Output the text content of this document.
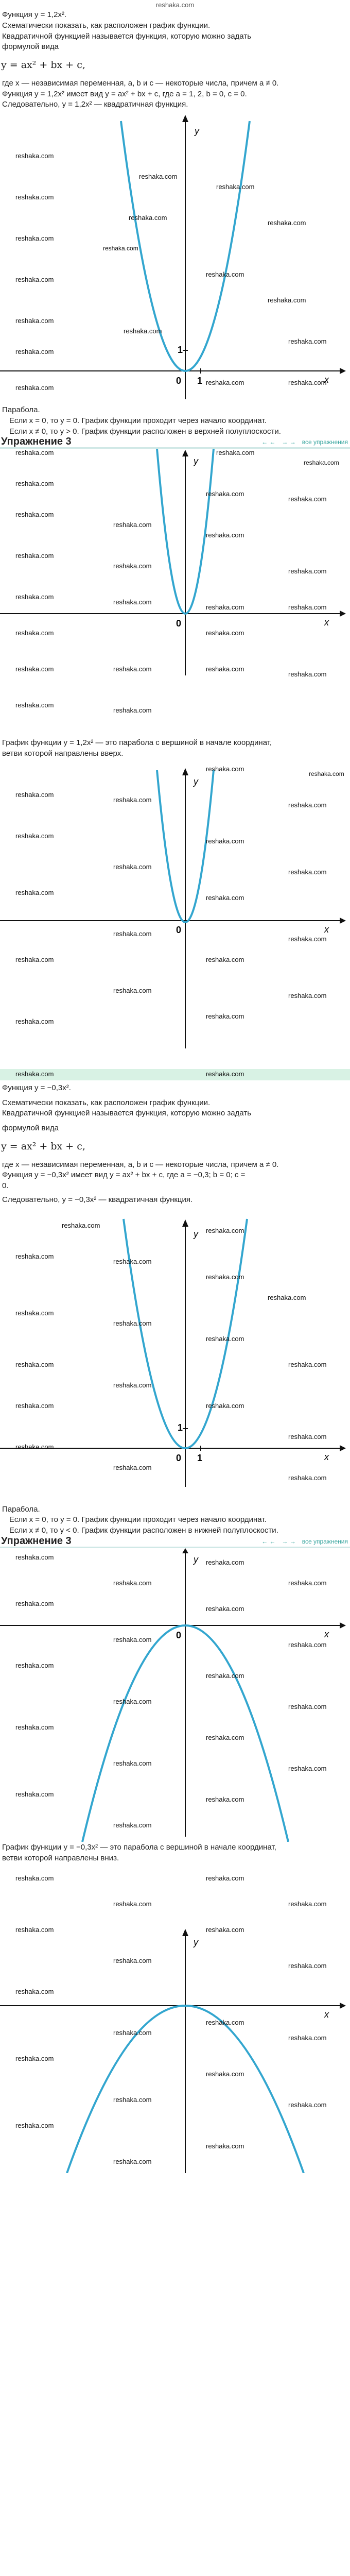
reshaka.com
Функция y = 1,2x².
Схематически показать, как расположен график функции.
Квадратичной функцией называется функция, которую можно задать
формулой вида
y = ax² + bx + c,
где x — независимая переменная, a, b и c — некоторые числа, причем a ≠ 0.
Функция y = 1,2x² имеет вид y = ax² + bx + c, где a = 1, 2, b = 0, c = 0.
Следовательно, y = 1,2x² — квадратичная функция.
y
x
0 1
1
reshaka.com
reshaka.com
reshaka.com
reshaka.com
reshaka.com
reshaka.com
reshaka.com
reshaka.com
reshaka.com
reshaka.com
reshaka.com
reshaka.com
reshaka.com
reshaka.com
reshaka.com
reshaka.com
reshaka.com
reshaka.com
Парабола.
Если x = 0, то y = 0. График функции проходит через начало координат.
Если x ≠ 0, то y > 0. График функции расположен в верхней полуплоскости.
Упражнение 3	← ← → → все упражнения
y
x
0
reshaka.com	reshaka.com
reshaka.com
reshaka.com
reshaka.com
reshaka.com
reshaka.com
reshaka.com
reshaka.com
reshaka.com
reshaka.com
reshaka.com
reshaka.com
reshaka.com
reshaka.com	reshaka.com
reshaka.com	reshaka.com
reshaka.com	reshaka.com	reshaka.com
reshaka.com
reshaka.com
reshaka.com
График функции y = 1,2x² — это парабола с вершиной в начале координат,
ветви которой направлены вверх.
y
x
0
reshaka.com
reshaka.com
reshaka.com
reshaka.com
reshaka.com
reshaka.com
reshaka.com
reshaka.com
reshaka.com
reshaka.com
reshaka.com
reshaka.com
reshaka.com
reshaka.com	reshaka.com
reshaka.com
reshaka.com
reshaka.com
reshaka.com
reshaka.com	reshaka.com
Функция y = −0,3x².
Схематически показать, как расположен график функции.
Квадратичной функцией называется функция, которую можно задать
формулой вида
y = ax² + bx + c,
где x — независимая переменная, a, b и c — некоторые числа, причем a ≠ 0.
Функция y = −0,3x² имеет вид y = ax² + bx + c, где a = −0,3; b = 0; c =
0.
Следовательно, y = −0,3x² — квадратичная функция.
y
x
0 1
1
reshaka.com
reshaka.com
reshaka.com
reshaka.com
reshaka.com
reshaka.com
reshaka.com
reshaka.com
reshaka.com
reshaka.com	reshaka.com
reshaka.com
reshaka.com	reshaka.com
reshaka.com
reshaka.com
reshaka.com
reshaka.com
Парабола.
Если x = 0, то y = 0. График функции проходит через начало координат.
Если x ≠ 0, то y < 0. График функции расположен в нижней полуплоскости.
Упражнение 3	← ← → → все упражнения
y
x
0
reshaka.com
reshaka.com
reshaka.com	reshaka.com
reshaka.com
reshaka.com
reshaka.com
reshaka.com
reshaka.com
reshaka.com
reshaka.com
reshaka.com
reshaka.com
reshaka.com
reshaka.com
reshaka.com
reshaka.com
reshaka.com
reshaka.com
График функции y = −0,3x² — это парабола с вершиной в начале координат,
ветви которой направлены вниз.
y
x
reshaka.com	reshaka.com
reshaka.com	reshaka.com
reshaka.com	reshaka.com
reshaka.com
reshaka.com
reshaka.com
reshaka.com
reshaka.com
reshaka.com
reshaka.com
reshaka.com
reshaka.com
reshaka.com
reshaka.com
reshaka.com
reshaka.com
